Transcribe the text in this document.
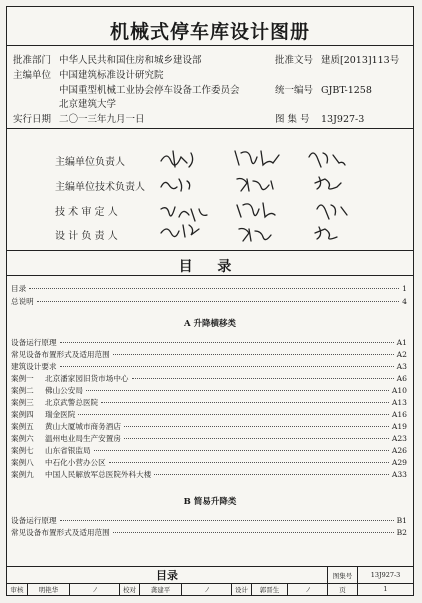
机械式停车库设计图册
批准部门 中华人民共和国住房和城乡建设部
主编单位 中国建筑标准设计研究院
中国重型机械工业协会停车设备工作委员会
北京建筑大学
实行日期 二〇一三年九月一日
批准文号 建质[2013]113号
统一编号 GJBT-1258
图 集 号 13J927-3
主编单位负责人
主编单位技术负责人
技 术 审 定 人
设 计 负 责 人
目 录
目录	1
总说明	4
A 升降横移类
设备运行原理	A1
常见设备布置形式及适用范围	A2
建筑设计要求	A3
案例一	北京潘家园旧货市场中心	A6
案例二	佛山公安局	A10
案例三	北京武警总医院	A13
案例四	瑞金医院	A16
案例五	黄山大厦城市商务酒店	A19
案例六	温州电业局生产安置房	A23
案例七	山东省银监局	A26
案例八	中石化小营办公区	A29
案例九	中国人民解放军总医院外科大楼	A33
B 简易升降类
设备运行原理	B1
常见设备布置形式及适用范围	B2
目录	图集号	13J927-3
审核	明艳华	ﾉ	校对	龚建平	ﾉ	设计	郭晋生	ﾉ	页	1
